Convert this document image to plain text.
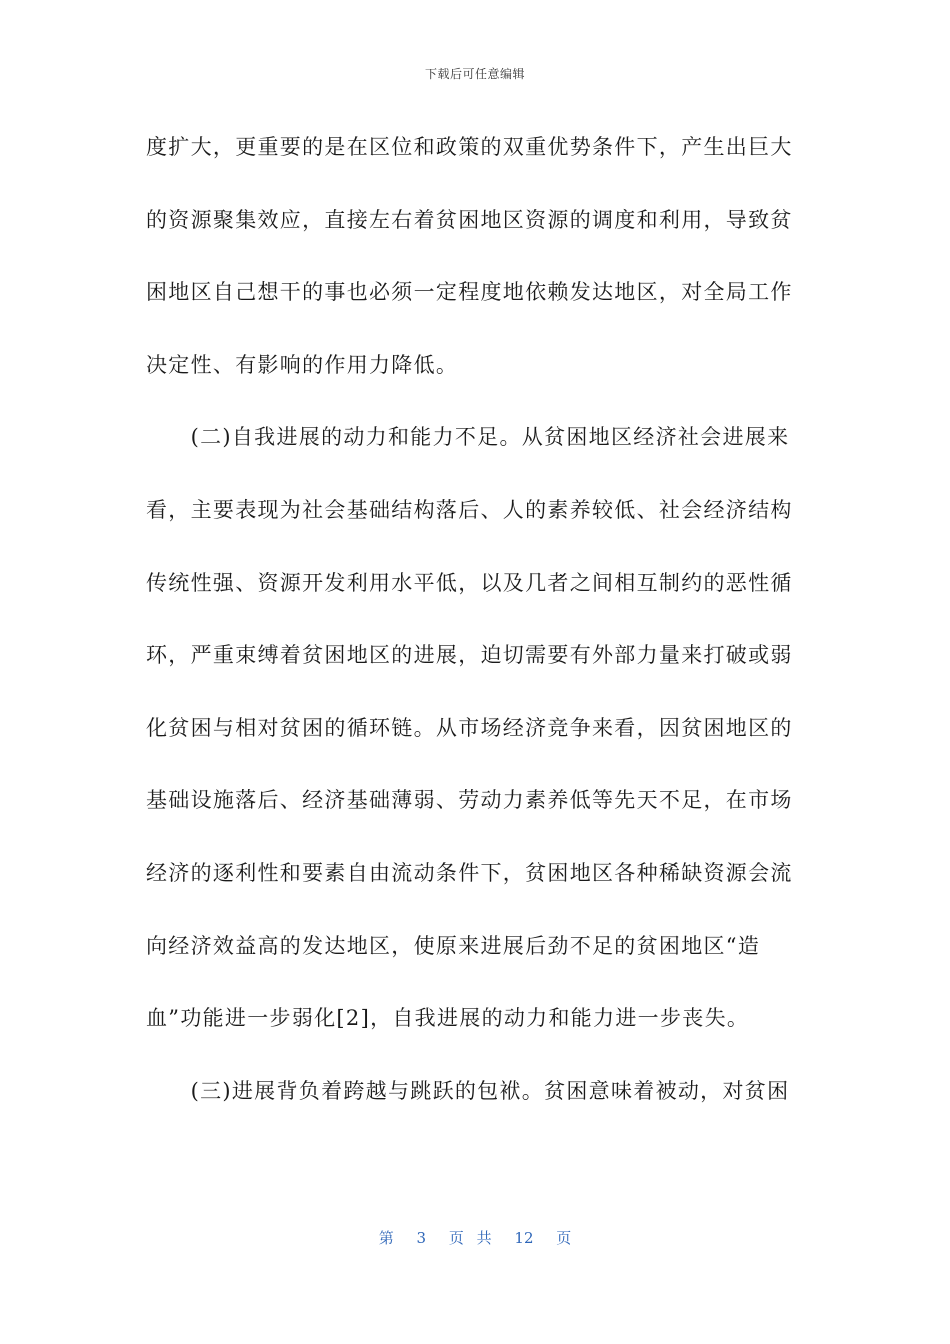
下载后可任意编辑
度扩大，更重要的是在区位和政策的双重优势条件下，产生出巨大
的资源聚集效应，直接左右着贫困地区资源的调度和利用，导致贫
困地区自己想干的事也必须一定程度地依赖发达地区，对全局工作
决定性、有影响的作用力降低。
　　(二)自我进展的动力和能力不足。从贫困地区经济社会进展来
看，主要表现为社会基础结构落后、人的素养较低、社会经济结构
传统性强、资源开发利用水平低，以及几者之间相互制约的恶性循
环，严重束缚着贫困地区的进展，迫切需要有外部力量来打破或弱
化贫困与相对贫困的循环链。从市场经济竞争来看，因贫困地区的
基础设施落后、经济基础薄弱、劳动力素养低等先天不足，在市场
经济的逐利性和要素自由流动条件下，贫困地区各种稀缺资源会流
向经济效益高的发达地区，使原来进展后劲不足的贫困地区“造
血”功能进一步弱化[2]，自我进展的动力和能力进一步丧失。
　　(三)进展背负着跨越与跳跃的包袱。贫困意味着被动，对贫困
第 3 页 共 12 页
